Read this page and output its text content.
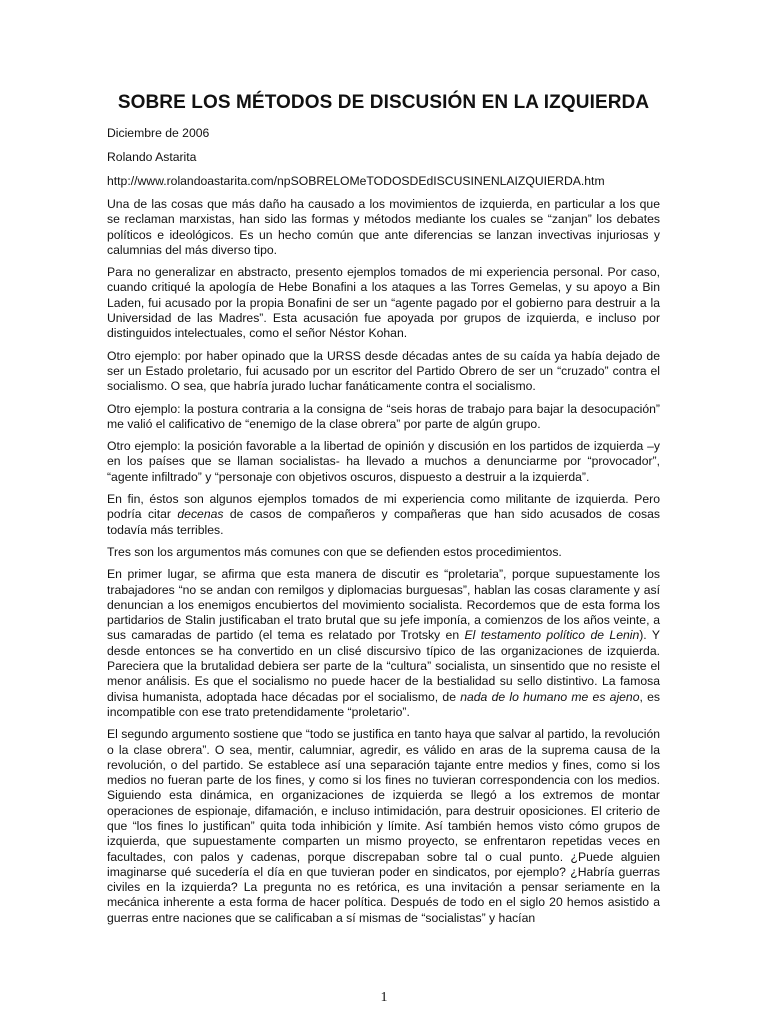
SOBRE LOS MÉTODOS DE DISCUSIÓN EN LA IZQUIERDA
Diciembre de 2006
Rolando Astarita
http://www.rolandoastarita.com/npSOBRELOMeTODOSDEdISCUSINENLAIZQUIERDA.htm

Una de las cosas que más daño ha causado a los movimientos de izquierda, en particular a los que se reclaman marxistas, han sido las formas y métodos mediante los cuales se “zanjan” los debates políticos e ideológicos. Es un hecho común que ante diferencias se lanzan invectivas injuriosas y calumnias del más diverso tipo.

Para no generalizar en abstracto, presento ejemplos tomados de mi experiencia personal. Por caso, cuando critiqué la apología de Hebe Bonafini a los ataques a las Torres Gemelas, y su apoyo a Bin Laden, fui acusado por la propia Bonafini de ser un “agente pagado por el gobierno para destruir a la Universidad de las Madres”. Esta acusación fue apoyada por grupos de izquierda, e incluso por distinguidos intelectuales, como el señor Néstor Kohan.

Otro ejemplo: por haber opinado que la URSS desde décadas antes de su caída ya había dejado de ser un Estado proletario, fui acusado por un escritor del Partido Obrero de ser un “cruzado” contra el socialismo. O sea, que habría jurado luchar fanáticamente contra el socialismo.

Otro ejemplo: la postura contraria a la consigna de “seis horas de trabajo para bajar la desocupación” me valió el calificativo de “enemigo de la clase obrera” por parte de algún grupo.

Otro ejemplo: la posición favorable a la libertad de opinión y discusión en los partidos de izquierda –y en los países que se llaman socialistas- ha llevado a muchos a denunciarme por “provocador”, “agente infiltrado” y “personaje con objetivos oscuros, dispuesto a destruir a la izquierda”.

En fin, éstos son algunos ejemplos tomados de mi experiencia como militante de izquierda. Pero podría citar decenas de casos de compañeros y compañeras que han sido acusados de cosas todavía más terribles.

Tres son los argumentos más comunes con que se defienden estos procedimientos.

En primer lugar, se afirma que esta manera de discutir es “proletaria”, porque supuestamente los trabajadores “no se andan con remilgos y diplomacias burguesas”, hablan las cosas claramente y así denuncian a los enemigos encubiertos del movimiento socialista. Recordemos que de esta forma los partidarios de Stalin justificaban el trato brutal que su jefe imponía, a comienzos de los años veinte, a sus camaradas de partido (el tema es relatado por Trotsky en El testamento político de Lenin). Y desde entonces se ha convertido en un clisé discursivo típico de las organizaciones de izquierda. Pareciera que la brutalidad debiera ser parte de la “cultura” socialista, un sinsentido que no resiste el menor análisis. Es que el socialismo no puede hacer de la bestialidad su sello distintivo. La famosa divisa humanista, adoptada hace décadas por el socialismo, de nada de lo humano me es ajeno, es incompatible con ese trato pretendidamente “proletario”.

El segundo argumento sostiene que “todo se justifica en tanto haya que salvar al partido, la revolución o la clase obrera”. O sea, mentir, calumniar, agredir, es válido en aras de la suprema causa de la revolución, o del partido. Se establece así una separación tajante entre medios y fines, como si los medios no fueran parte de los fines, y como si los fines no tuvieran correspondencia con los medios. Siguiendo esta dinámica, en organizaciones de izquierda se llegó a los extremos de montar operaciones de espionaje, difamación, e incluso intimidación, para destruir oposiciones. El criterio de que “los fines lo justifican” quita toda inhibición y límite. Así también hemos visto cómo grupos de izquierda, que supuestamente comparten un mismo proyecto, se enfrentaron repetidas veces en facultades, con palos y cadenas, porque discrepaban sobre tal o cual punto. ¿Puede alguien imaginarse qué sucedería el día en que tuvieran poder en sindicatos, por ejemplo? ¿Habría guerras civiles en la izquierda? La pregunta no es retórica, es una invitación a pensar seriamente en la mecánica inherente a esta forma de hacer política. Después de todo en el siglo 20 hemos asistido a guerras entre naciones que se calificaban a sí mismas de “socialistas” y hacían

1
